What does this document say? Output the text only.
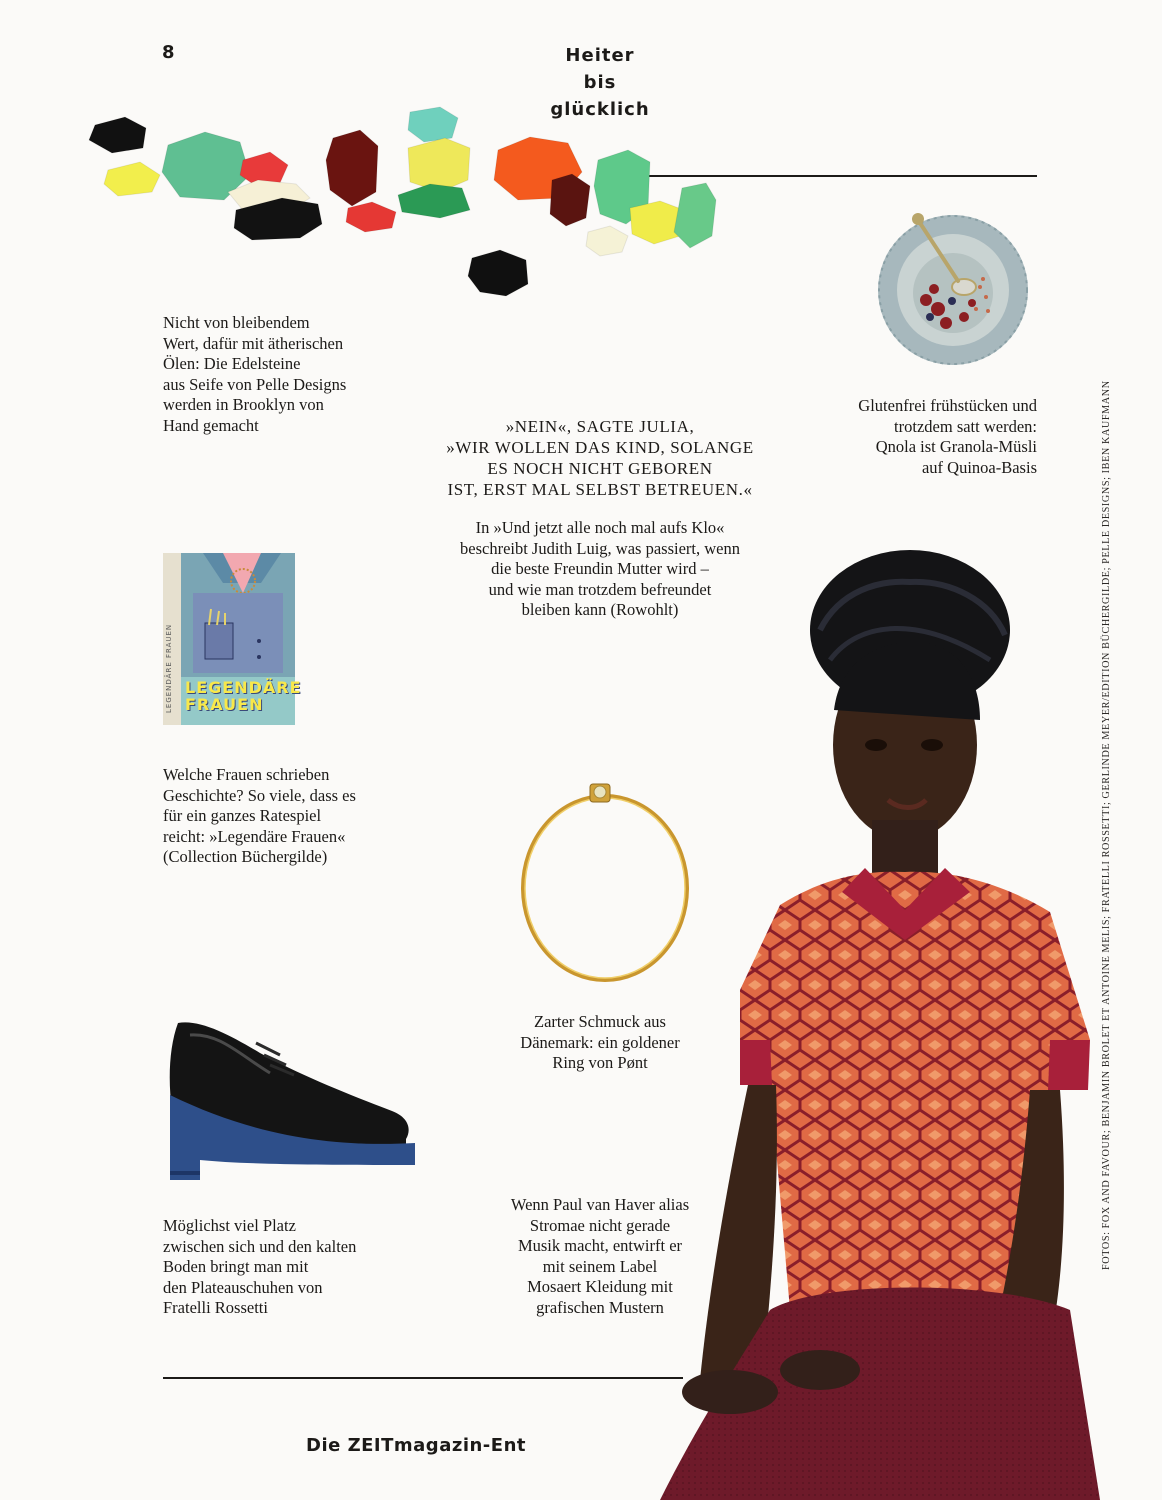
8	Heiter
bis
glücklich
Nicht von bleibendem
Wert, dafür mit ätherischen
Ölen: Die Edelsteine
aus Seife von Pelle Designs
werden in Brooklyn von
Hand gemacht
Glutenfrei frühstücken und
trotzdem satt werden:
Qnola ist Granola-Müsli
auf Quinoa-Basis
»NEIN«, SAGTE JULIA,
»WIR WOLLEN DAS KIND, SOLANGE
ES NOCH NICHT GEBOREN
IST, ERST MAL SELBST BETREUEN.«
In »Und jetzt alle noch mal aufs Klo«
beschreibt Judith Luig, was passiert, wenn
die beste Freundin Mutter wird –
und wie man trotzdem befreundet
bleiben kann (Rowohlt)
LEGENDÄRE
FRAUEN
LEGENDÄRE FRAUEN
Welche Frauen schrieben
Geschichte? So viele, dass es
für ein ganzes Ratespiel
reicht: »Legendäre Frauen«
(Collection Büchergilde)
Zarter Schmuck aus
Dänemark: ein goldener
Ring von Pønt
Möglichst viel Platz
zwischen sich und den kalten
Boden bringt man mit
den Plateauschuhen von
Fratelli Rossetti
Wenn Paul van Haver alias
Stromae nicht gerade
Musik macht, entwirft er
mit seinem Label
Mosaert Kleidung mit
grafischen Mustern
Die ZEITmagazin-Ent
FOTOS: FOX AND FAVOUR; BENJAMIN BROLET ET ANTOINE MELIS; FRATELLI ROSSETTI; GERLINDE MEYER/EDITION BÜCHERGILDE; PELLE DESIGNS; IBEN KAUFMANN
